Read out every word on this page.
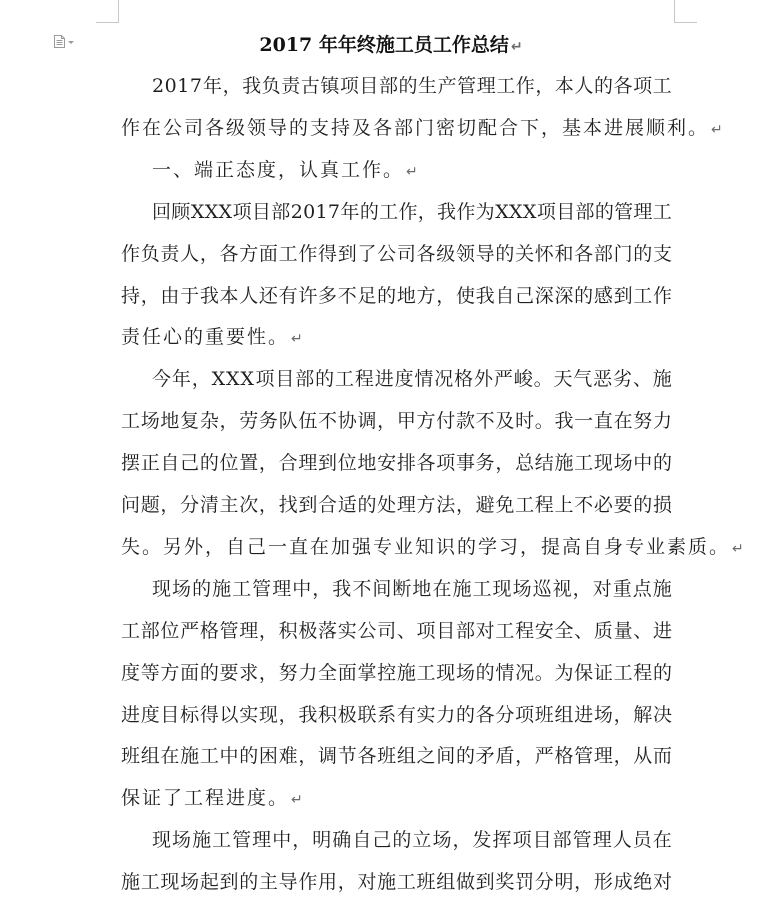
2017 年年终施工员工作总结 ↵
2 0 1 7 年 ， 我 负 责 古 镇 项 目 部 的 生 产 管 理 工 作 ， 本 人 的 各 项 工
作在公司各级领导的支持及各部门密切配合下，基本进展顺利。 ↵
一、端正态度，认真工作。 ↵
回 顾 X X X 项 目 部 2 0 1 7 年 的 工 作 ， 我 作 为 X X X 项 目 部 的 管 理 工
作 负 责 人 ， 各 方 面 工 作 得 到 了 公 司 各 级 领 导 的 关 怀 和 各 部 门 的 支
持 ， 由 于 我 本 人 还 有 许 多 不 足 的 地 方 ， 使 我 自 己 深 深 的 感 到 工 作
责任心的重要性。 ↵
今 年 ， X X X 项 目 部 的 工 程 进 度 情 况 格 外 严 峻 。 天 气 恶 劣 、 施
工 场 地 复 杂 ， 劳 务 队 伍 不 协 调 ， 甲 方 付 款 不 及 时 。 我 一 直 在 努 力
摆 正 自 己 的 位 置 ， 合 理 到 位 地 安 排 各 项 事 务 ， 总 结 施 工 现 场 中 的
问 题 ， 分 清 主 次 ， 找 到 合 适 的 处 理 方 法 ， 避 免 工 程 上 不 必 要 的 损
失。另外，自己一直在加强专业知识的学习，提高自身专业素质。 ↵
现 场 的 施 工 管 理 中 ， 我 不 间 断 地 在 施 工 现 场 巡 视 ， 对 重 点 施
工 部 位 严 格 管 理 ， 积 极 落 实 公 司 、 项 目 部 对 工 程 安 全 、 质 量 、 进
度 等 方 面 的 要 求 ， 努 力 全 面 掌 控 施 工 现 场 的 情 况 。 为 保 证 工 程 的
进 度 目 标 得 以 实 现 ， 我 积 极 联 系 有 实 力 的 各 分 项 班 组 进 场 ， 解 决
班 组 在 施 工 中 的 困 难 ， 调 节 各 班 组 之 间 的 矛 盾 ， 严 格 管 理 ， 从 而
保证了工程进度。 ↵
现 场 施 工 管 理 中 ， 明 确 自 己 的 立 场 ， 发 挥 项 目 部 管 理 人 员 在
施 工 现 场 起 到 的 主 导 作 用 ， 对 施 工 班 组 做 到 奖 罚 分 明 ， 形 成 绝 对
